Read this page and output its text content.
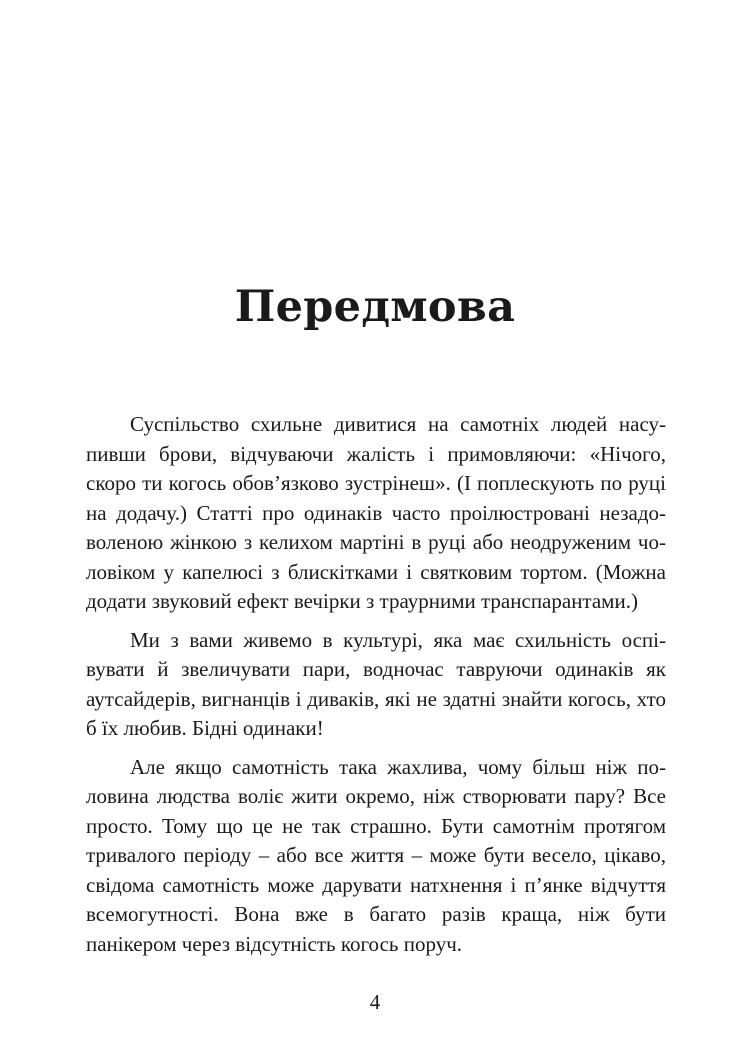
Передмова

Суспільство схильне дивитися на самотніх людей насупивши брови, відчуваючи жалість і примовляючи: «Нічого, скоро ти когось обов’язково зустрінеш». (І поплескують по руці на додачу.) Статті про одинаків часто проілюстровані незадоволеною жінкою з келихом мартіні в руці або неодруженим чоловіком у капелюсі з блискітками і святковим тортом. (Можна додати звуковий ефект вечірки з траурними транспарантами.)

Ми з вами живемо в культурі, яка має схильність оспівувати й звеличувати пари, водночас тавруючи одинаків як аутсайдерів, вигнанців і диваків, які не здатні знайти когось, хто б їх любив. Бідні одинаки!

Але якщо самотність така жахлива, чому більш ніж половина людства воліє жити окремо, ніж створювати пару? Все просто. Тому що це не так страшно. Бути самотнім протягом тривалого періоду – або все життя – може бути весело, цікаво, свідома самотність може дарувати натхнення і п’янке відчуття всемогутності. Вона вже в багато разів краща, ніж бути панікером через відсутність когось поруч.

4
